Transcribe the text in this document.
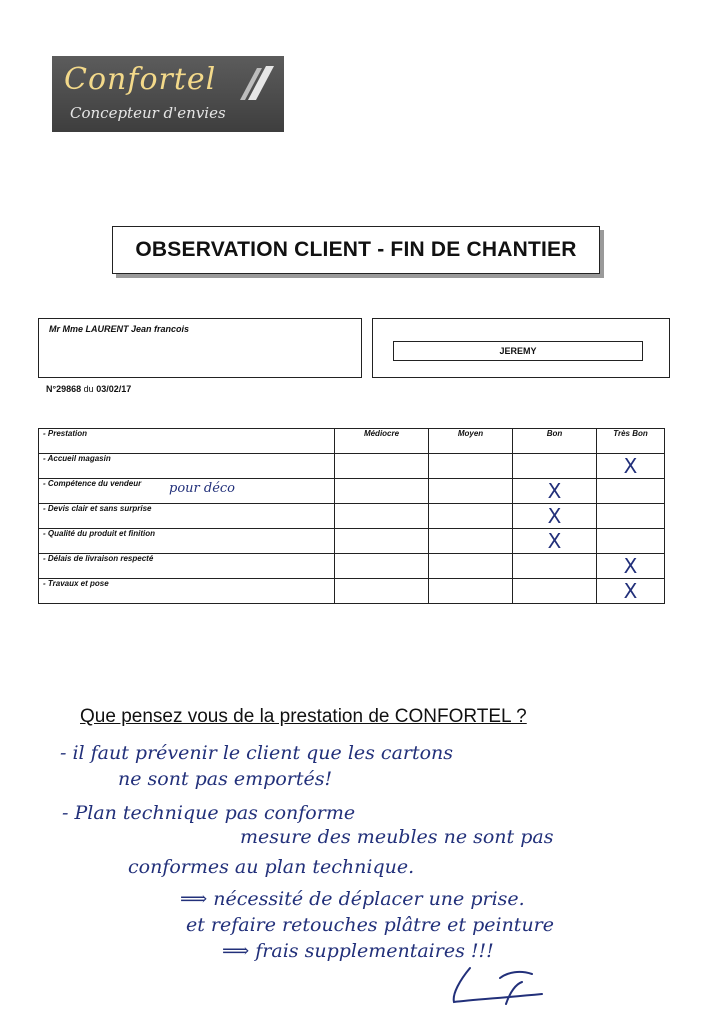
Confortel
Concepteur d'envies
OBSERVATION CLIENT - FIN DE CHANTIER
Mr Mme LAURENT Jean francois
JEREMY
N°29868 du 03/02/17
- Prestation	Médiocre	Moyen	Bon	Très Bon
- Accueil magasin				X
- Compétence du vendeur pour déco			X	
- Devis clair et sans surprise			X	
- Qualité du produit et finition			X	
- Délais de livraison respecté				X
- Travaux et pose				X
Que pensez vous de la prestation de CONFORTEL ?
- il faut prévenir le client que les cartons
ne sont pas emportés!
- Plan technique pas conforme
mesure des meubles ne sont pas
conformes au plan technique.
⟹ nécessité de déplacer une prise.
et refaire retouches plâtre et peinture
⟹ frais supplementaires !!!
